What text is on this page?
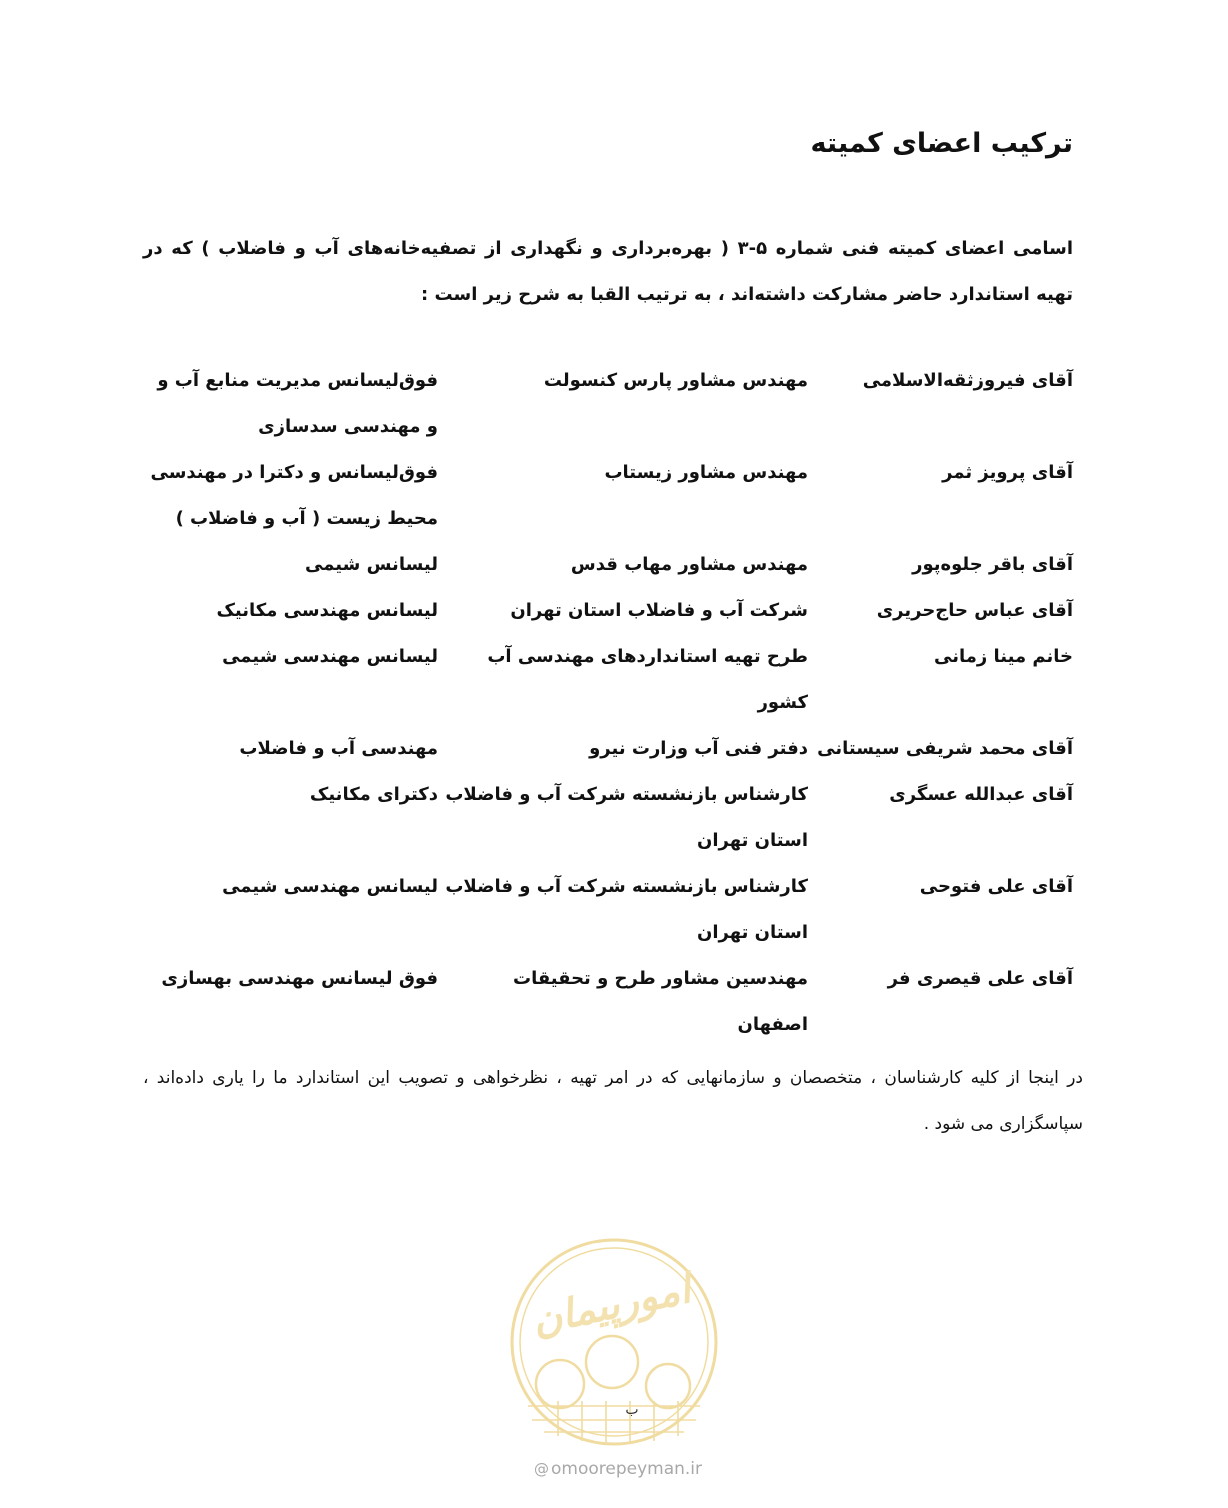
ترکیب اعضای کمیته

اسامی اعضای کمیته فنی شماره ۵-۳ ( بهره‌برداری و نگهداری از تصفیه‌خانه‌های آب و فاضلاب ) که در تهیه استاندارد حاضر مشارکت داشته‌اند ، به ترتیب القبا به شرح زیر است :

آقای فیروزثقه‌الاسلامی
مهندس مشاور پارس کنسولت
فوق‌لیسانس مدیریت منابع آب و و مهندسی سدسازی
آقای پرویز ثمر
مهندس مشاور زیستاب
فوق‌لیسانس و دکترا در مهندسی محیط زیست ( آب و فاضلاب )
آقای باقر جلوه‌پور
مهندس مشاور مهاب قدس
لیسانس شیمی
آقای عباس حاج‌حریری
شرکت آب و فاضلاب استان تهران
لیسانس مهندسی مکانیک
خانم مینا زمانی
طرح تهیه استانداردهای مهندسی آب کشور
لیسانس مهندسی شیمی
آقای محمد شریفی سیستانی
دفتر فنی آب وزارت نیرو
مهندسی آب و فاضلاب
آقای عبدالله عسگری
کارشناس بازنشسته شرکت آب و فاضلاب استان تهران
دکترای مکانیک
آقای علی فتوحی
کارشناس بازنشسته شرکت آب و فاضلاب استان تهران
لیسانس مهندسی شیمی
آقای علی قیصری فر
مهندسین مشاور طرح و تحقیقات اصفهان
فوق لیسانس مهندسی بهسازی

در اینجا از کلیه کارشناسان ، متخصصان و سازمانهایی که در امر تهیه ، نظرخواهی و تصویب این استاندارد ما را یاری داده‌اند ، سپاسگزاری می شود .

امورپیمان
ب
@ omoorepeyman.ir
